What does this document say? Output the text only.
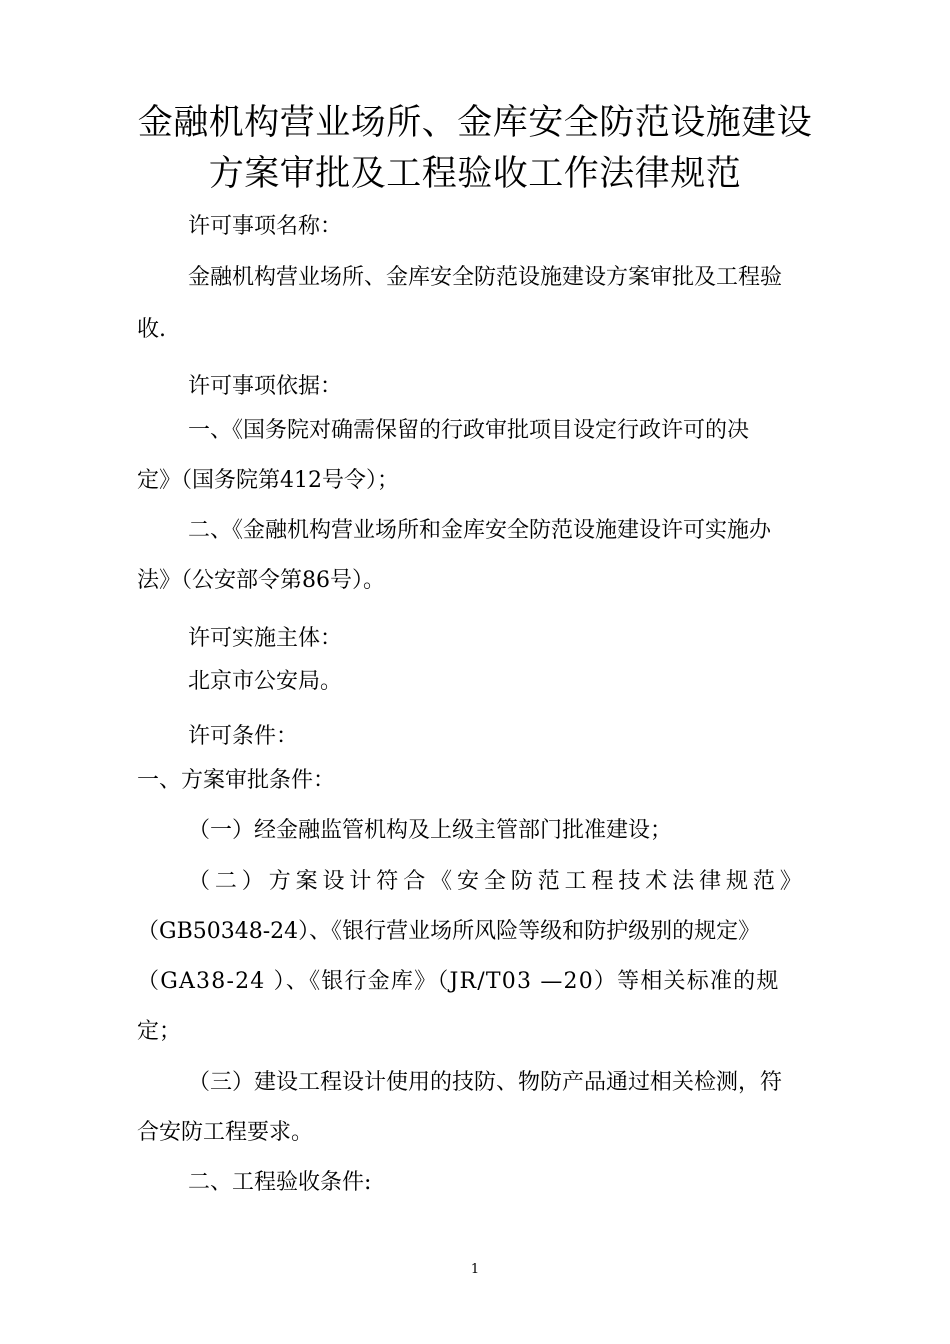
金融机构营业场所、金库安全防范设施建设
方案审批及工程验收工作法律规范
许可事项名称：
金融机构营业场所、金库安全防范设施建设方案审批及工程验
收.
许可事项依据：
一、《国务院对确需保留的行政审批项目设定行政许可的决
定》（国务院第412号令）；
二、《金融机构营业场所和金库安全防范设施建设许可实施办
法》（公安部令第86号）。
许可实施主体：
北京市公安局。
许可条件：
一、方案审批条件：
（一）经金融监管机构及上级主管部门批准建设；
（二）方案设计符合《安全防范工程技术法律规范》
（GB50348-24）、《银行营业场所风险等级和防护级别的规定》
（GA38-24 ）、《银行金库》（JR/T03 —20）等相关标准的规
定；
（三）建设工程设计使用的技防、物防产品通过相关检测，符
合安防工程要求。
二、工程验收条件:
1
